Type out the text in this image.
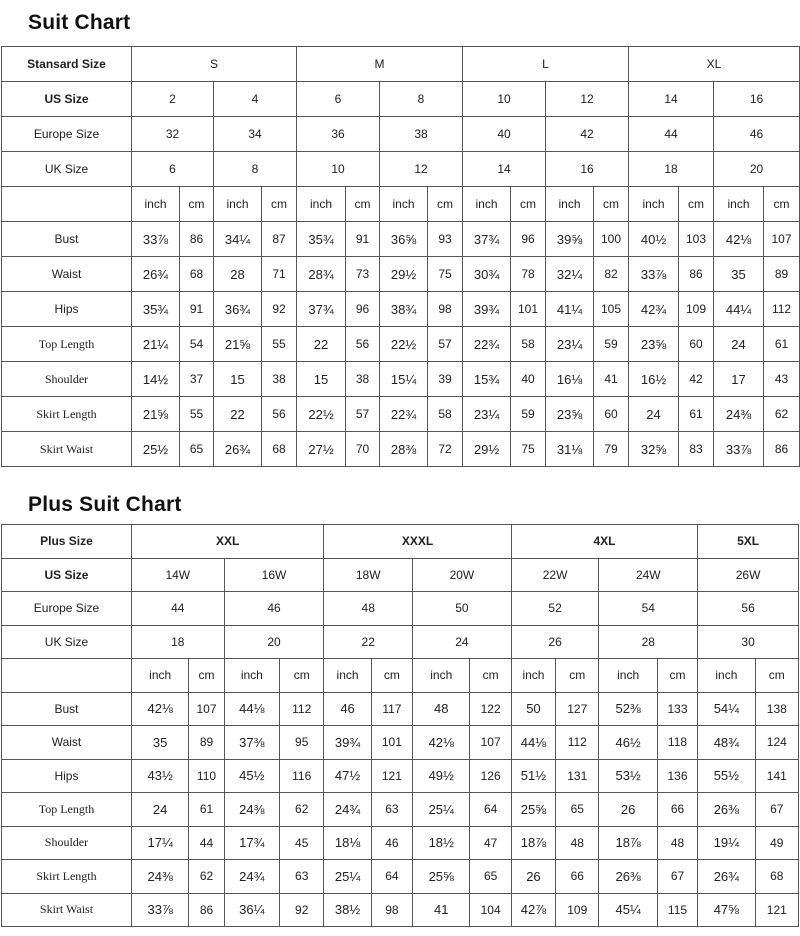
Suit Chart
Stansard Size	S				M				L				XL			
US Size	2		4		6		8		10		12		14		16	
Europe Size	32		34		36		38		40		42		44		46	
UK Size	6		8		10		12		14		16		18		20	
	inch	cm	inch	cm	inch	cm	inch	cm	inch	cm	inch	cm	inch	cm	inch	cm
Bust	33⅞	86	34¼	87	35¾	91	36⅝	93	37¾	96	39⅝	100	40½	103	42⅛	107
Waist	26¾	68	28	71	28¾	73	29½	75	30¾	78	32¼	82	33⅞	86	35	89
Hips	35¾	91	36¾	92	37¾	96	38¾	98	39¾	101	41¼	105	42¾	109	44¼	112
Top Length	21¼	54	21⅝	55	22	56	22½	57	22¾	58	23¼	59	23⅝	60	24	61
Shoulder	14½	37	15	38	15	38	15¼	39	15¾	40	16⅛	41	16½	42	17	43
Skirt Length	21⅝	55	22	56	22½	57	22¾	58	23¼	59	23⅝	60	24	61	24⅜	62
Skirt Waist	25½	65	26¾	68	27½	70	28⅜	72	29½	75	31⅛	79	32⅝	83	33⅞	86
Plus Suit Chart
Plus Size	XXL				XXXL				4XL				5XL	
US Size	14W		16W		18W		20W		22W		24W		26W	
Europe Size	44		46		48		50		52		54		56	
UK Size	18		20		22		24		26		28		30	
	inch	cm	inch	cm	inch	cm	inch	cm	inch	cm	inch	cm	inch	cm
Bust	42⅛	107	44⅛	112	46	117	48	122	50	127	52⅜	133	54¼	138
Waist	35	89	37⅜	95	39¾	101	42⅛	107	44⅛	112	46½	118	48¾	124
Hips	43½	110	45½	116	47½	121	49½	126	51½	131	53½	136	55½	141
Top Length	24	61	24⅜	62	24¾	63	25¼	64	25⅝	65	26	66	26⅜	67
Shoulder	17¼	44	17¾	45	18⅛	46	18½	47	18⅞	48	18⅞	48	19¼	49
Skirt Length	24⅜	62	24¾	63	25¼	64	25⅝	65	26	66	26⅜	67	26¾	68
Skirt Waist	33⅞	86	36¼	92	38½	98	41	104	42⅞	109	45¼	115	47⅝	121
